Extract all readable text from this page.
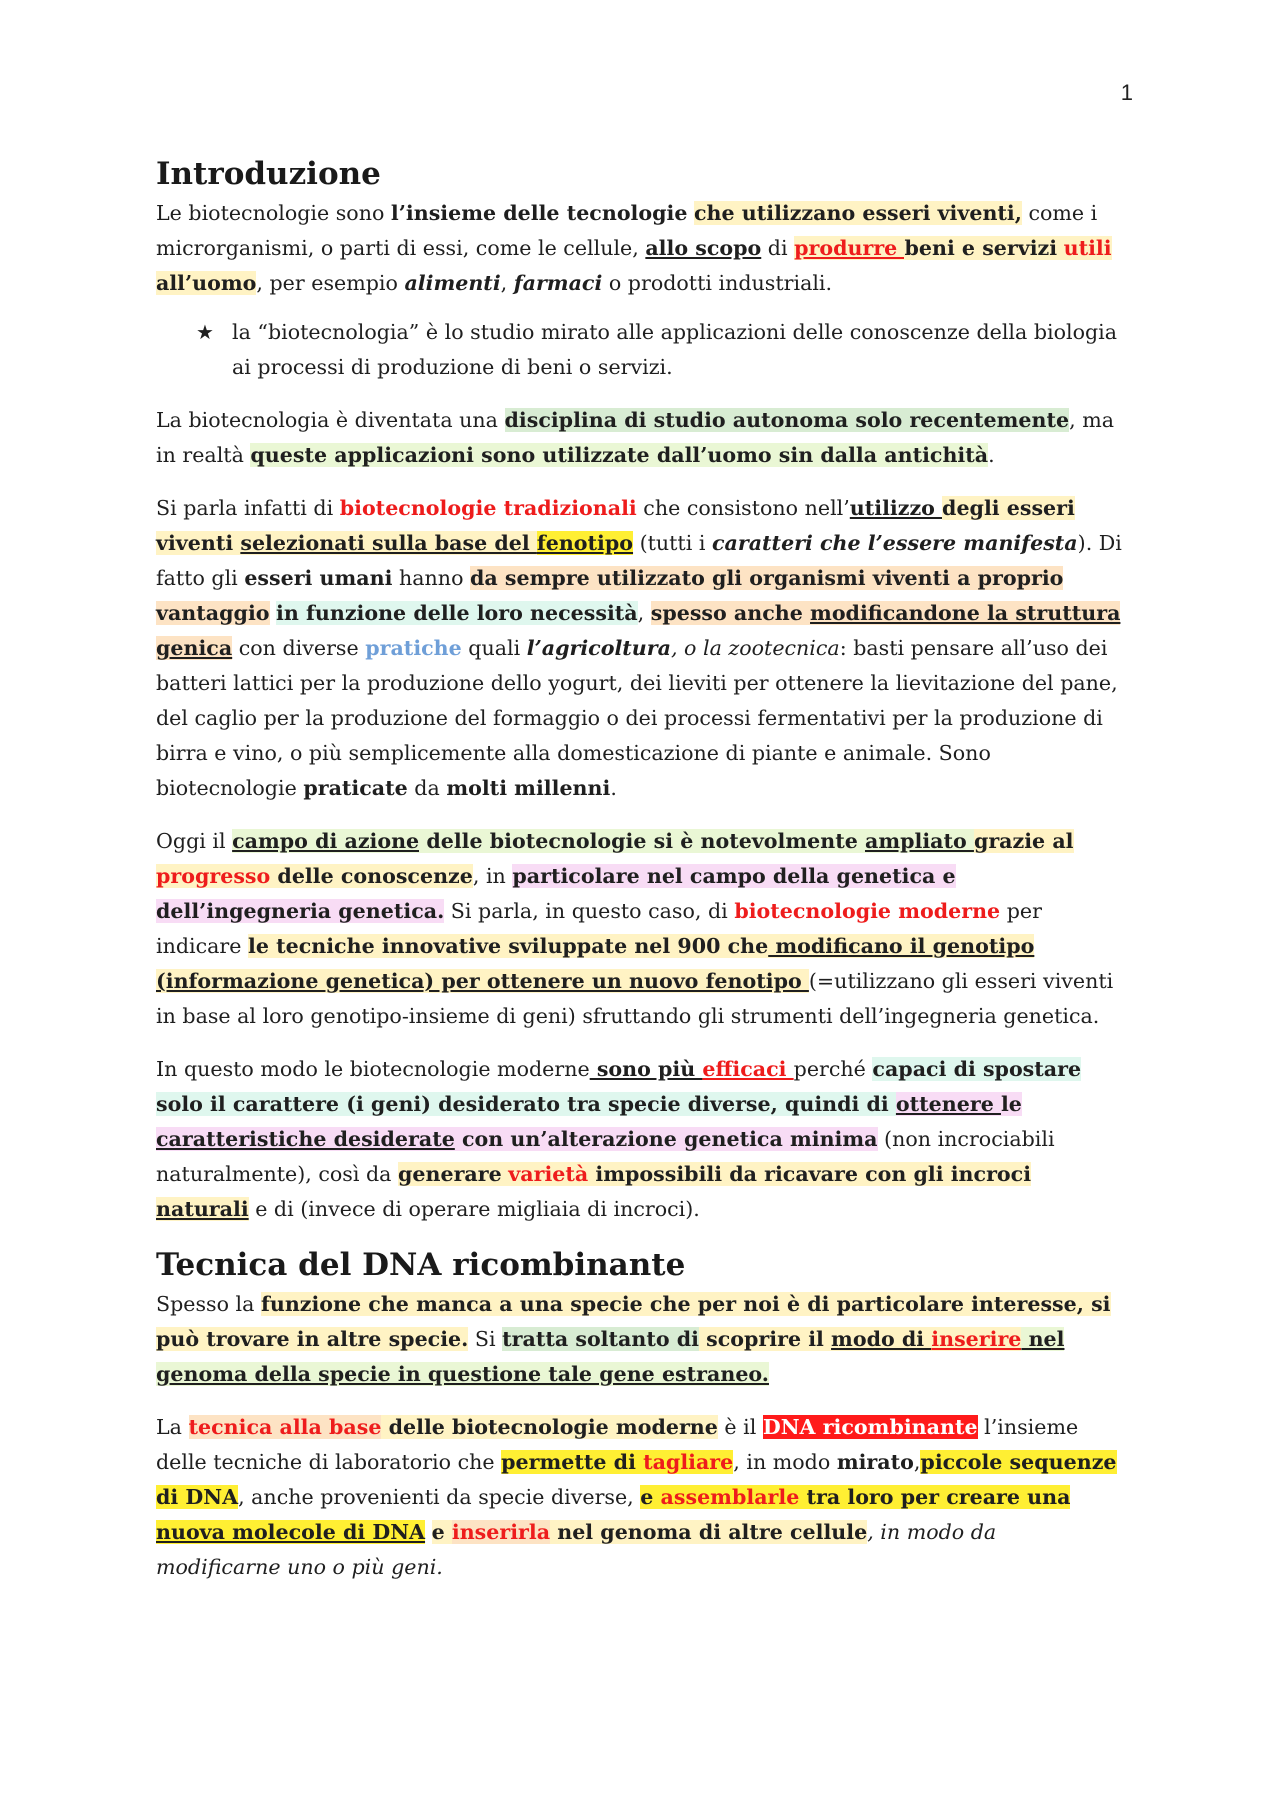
1
Introduzione

Le biotecnologie sono l’insieme delle tecnologie che utilizzano esseri viventi, come i microrganismi, o parti di essi, come le cellule, allo scopo di produrre beni e servizi utili all’uomo, per esempio alimenti, farmaci o prodotti industriali.

★ la “biotecnologia” è lo studio mirato alle applicazioni delle conoscenze della biologia ai processi di produzione di beni o servizi.

La biotecnologia è diventata una disciplina di studio autonoma solo recentemente, ma in realtà queste applicazioni sono utilizzate dall’uomo sin dalla antichità.

Si parla infatti di biotecnologie tradizionali che consistono nell’utilizzo degli esseri viventi selezionati sulla base del fenotipo (tutti i caratteri che l’essere manifesta). Di fatto gli esseri umani hanno da sempre utilizzato gli organismi viventi a proprio vantaggio in funzione delle loro necessità, spesso anche modificandone la struttura genica con diverse pratiche quali l’agricoltura, o la zootecnica: basti pensare all’uso dei batteri lattici per la produzione dello yogurt, dei lieviti per ottenere la lievitazione del pane, del caglio per la produzione del formaggio o dei processi fermentativi per la produzione di birra e vino, o più semplicemente alla domesticazione di piante e animale. Sono biotecnologie praticate da molti millenni.

Oggi il campo di azione delle biotecnologie si è notevolmente ampliato grazie al progresso delle conoscenze, in particolare nel campo della genetica e dell’ingegneria genetica. Si parla, in questo caso, di biotecnologie moderne per indicare le tecniche innovative sviluppate nel 900 che modificano il genotipo (informazione genetica) per ottenere un nuovo fenotipo (=utilizzano gli esseri viventi in base al loro genotipo-insieme di geni) sfruttando gli strumenti dell’ingegneria genetica.

In questo modo le biotecnologie moderne sono più efficaci perché capaci di spostare solo il carattere (i geni) desiderato tra specie diverse, quindi di ottenere le caratteristiche desiderate con un’alterazione genetica minima (non incrociabili naturalmente), così da generare varietà impossibili da ricavare con gli incroci naturali e di (invece di operare migliaia di incroci).

Tecnica del DNA ricombinante

Spesso la funzione che manca a una specie che per noi è di particolare interesse, si può trovare in altre specie. Si tratta soltanto di scoprire il modo di inserire nel genoma della specie in questione tale gene estraneo.

La tecnica alla base delle biotecnologie moderne è il DNA ricombinante l’insieme delle tecniche di laboratorio che permette di tagliare, in modo mirato,piccole sequenze di DNA, anche provenienti da specie diverse, e assemblarle tra loro per creare una nuova molecole di DNA e inserirla nel genoma di altre cellule, in modo da modificarne uno o più geni.
